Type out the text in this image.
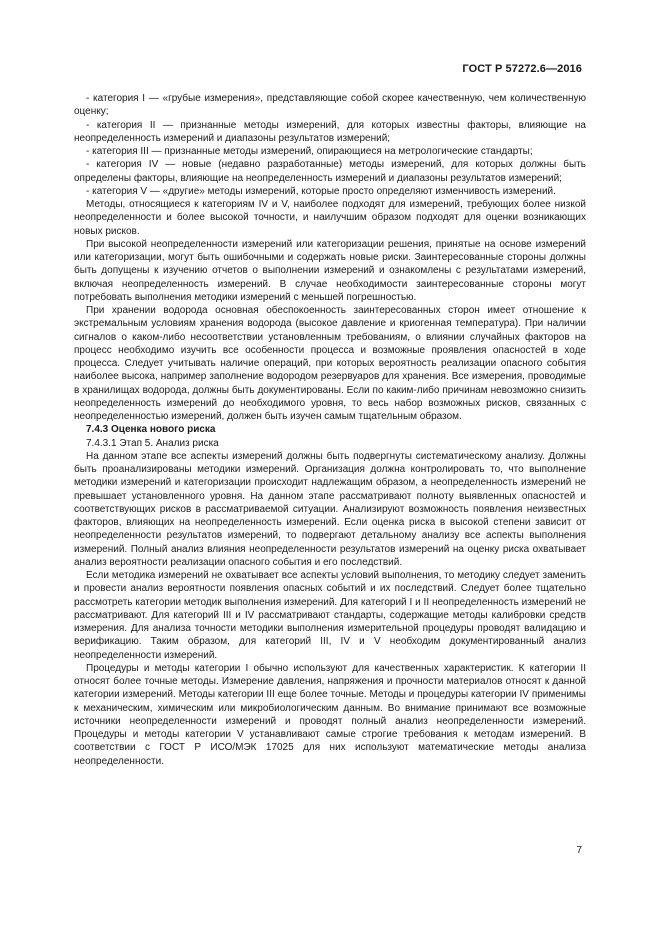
ГОСТ Р 57272.6—2016

- категория I — «грубые измерения», представляющие собой скорее качественную, чем количественную оценку;

- категория II — признанные методы измерений, для которых известны факторы, влияющие на неопределенность измерений и диапазоны результатов измерений;

- категория III — признанные методы измерений, опирающиеся на метрологические стандарты;

- категория IV — новые (недавно разработанные) методы измерений, для которых должны быть определены факторы, влияющие на неопределенность измерений и диапазоны результатов измерений;

- категория V — «другие» методы измерений, которые просто определяют изменчивость измерений.

Методы, относящиеся к категориям IV и V, наиболее подходят для измерений, требующих более низкой неопределенности и более высокой точности, и наилучшим образом подходят для оценки возникающих новых рисков.

При высокой неопределенности измерений или категоризации решения, принятые на основе измерений или категоризации, могут быть ошибочными и содержать новые риски. Заинтересованные стороны должны быть допущены к изучению отчетов о выполнении измерений и ознакомлены с результатами измерений, включая неопределенность измерений. В случае необходимости заинтересованные стороны могут потребовать выполнения методики измерений с меньшей погрешностью.

При хранении водорода основная обеспокоенность заинтересованных сторон имеет отношение к экстремальным условиям хранения водорода (высокое давление и криогенная температура). При наличии сигналов о каком-либо несоответствии установленным требованиям, о влиянии случайных факторов на процесс необходимо изучить все особенности процесса и возможные проявления опасностей в ходе процесса. Следует учитывать наличие операций, при которых вероятность реализации опасного события наиболее высока, например заполнение водородом резервуаров для хранения. Все измерения, проводимые в хранилищах водорода, должны быть документированы. Если по каким-либо причинам невозможно снизить неопределенность измерений до необходимого уровня, то весь набор возможных рисков, связанных с неопределенностью измерений, должен быть изучен самым тщательным образом.

7.4.3 Оценка нового риска

7.4.3.1 Этап 5. Анализ риска

На данном этапе все аспекты измерений должны быть подвергнуты систематическому анализу. Должны быть проанализированы методики измерений. Организация должна контролировать то, что выполнение методики измерений и категоризации происходит надлежащим образом, а неопределенность измерений не превышает установленного уровня. На данном этапе рассматривают полноту выявленных опасностей и соответствующих рисков в рассматриваемой ситуации. Анализируют возможность появления неизвестных факторов, влияющих на неопределенность измерений. Если оценка риска в высокой степени зависит от неопределенности результатов измерений, то подвергают детальному анализу все аспекты выполнения измерений. Полный анализ влияния неопределенности результатов измерений на оценку риска охватывает анализ вероятности реализации опасного события и его последствий.

Если методика измерений не охватывает все аспекты условий выполнения, то методику следует заменить и провести анализ вероятности появления опасных событий и их последствий. Следует более тщательно рассмотреть категории методик выполнения измерений. Для категорий I и II неопределенность измерений не рассматривают. Для категорий III и IV рассматривают стандарты, содержащие методы калибровки средств измерения. Для анализа точности методики выполнения измерительной процедуры проводят валидацию и верификацию. Таким образом, для категорий III, IV и V необходим документированный анализ неопределенности измерений.

Процедуры и методы категории I обычно используют для качественных характеристик. К категории II относят более точные методы. Измерение давления, напряжения и прочности материалов относят к данной категории измерений. Методы категории III еще более точные. Методы и процедуры категории IV применимы к механическим, химическим или микробиологическим данным. Во внимание принимают все возможные источники неопределенности измерений и проводят полный анализ неопределенности измерений. Процедуры и методы категории V устанавливают самые строгие требования к методам измерений. В соответствии с ГОСТ Р ИСО/МЭК 17025 для них используют математические методы анализа неопределенности.

7
